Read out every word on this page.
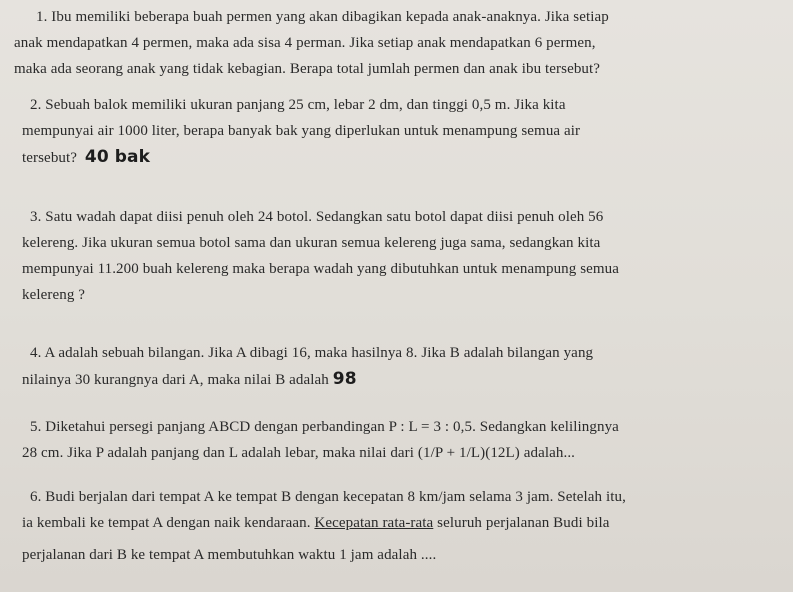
1. Ibu memiliki beberapa buah permen yang akan dibagikan kepada anak-anaknya. Jika setiap
anak mendapatkan 4 permen, maka ada sisa 4 perman. Jika setiap anak mendapatkan 6 permen,
maka ada seorang anak yang tidak kebagian. Berapa total jumlah permen dan anak ibu tersebut?
2. Sebuah balok memiliki ukuran panjang 25 cm, lebar 2 dm, dan tinggi 0,5 m. Jika kita
mempunyai air 1000 liter, berapa banyak bak yang diperlukan untuk menampung semua air
tersebut? 40 bak
3. Satu wadah dapat diisi penuh oleh 24 botol. Sedangkan satu botol dapat diisi penuh oleh 56
kelereng. Jika ukuran semua botol sama dan ukuran semua kelereng juga sama, sedangkan kita
mempunyai 11.200 buah kelereng maka berapa wadah yang dibutuhkan untuk menampung semua
kelereng ?
4. A adalah sebuah bilangan. Jika A dibagi 16, maka hasilnya 8. Jika B adalah bilangan yang
nilainya 30 kurangnya dari A, maka nilai B adalah 98
5. Diketahui persegi panjang ABCD dengan perbandingan P : L = 3 : 0,5. Sedangkan kelilingnya
28 cm. Jika P adalah panjang dan L adalah lebar, maka nilai dari (1/P + 1/L)(12L) adalah...
6. Budi berjalan dari tempat A ke tempat B dengan kecepatan 8 km/jam selama 3 jam. Setelah itu,
ia kembali ke tempat A dengan naik kendaraan. Kecepatan rata-rata seluruh perjalanan Budi bila
perjalanan dari B ke tempat A membutuhkan waktu 1 jam adalah ....
